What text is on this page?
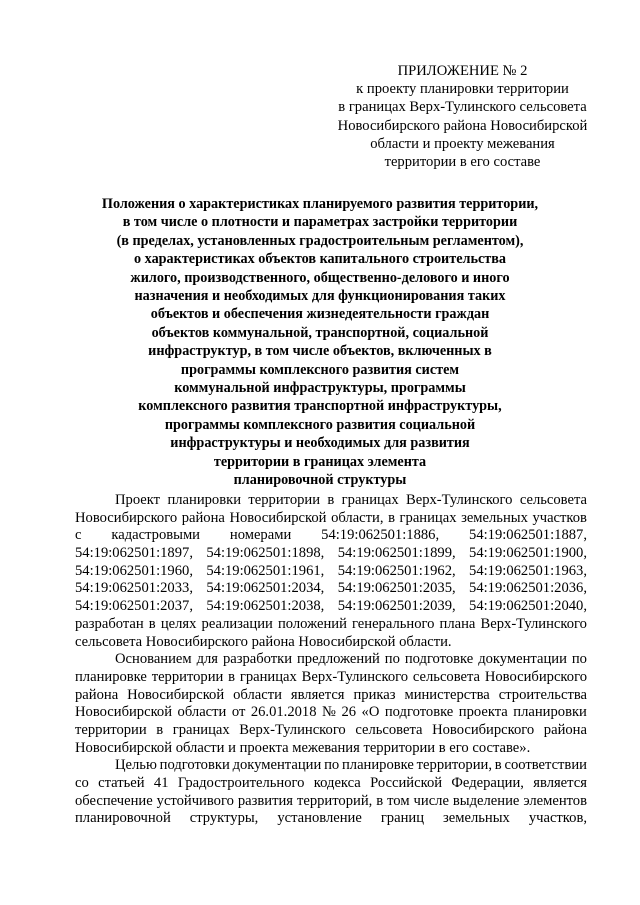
ПРИЛОЖЕНИЕ № 2
к проекту планировки территории
в границах Верх-Тулинского сельсовета
Новосибирского района Новосибирской
области и проекту межевания
территории в его составе
Положения о характеристиках планируемого развития территории,
в том числе о плотности и параметрах застройки территории
(в пределах, установленных градостроительным регламентом),
о характеристиках объектов капитального строительства
жилого, производственного, общественно-делового и иного
назначения и необходимых для функционирования таких
объектов и обеспечения жизнедеятельности граждан
объектов коммунальной, транспортной, социальной
инфраструктур, в том числе объектов, включенных в
программы комплексного развития систем
коммунальной инфраструктуры, программы
комплексного развития транспортной инфраструктуры,
программы комплексного развития социальной
инфраструктуры и необходимых для развития
территории в границах элемента
планировочной структуры
Проект планировки территории в границах Верх-Тулинского сельсовета
Новосибирского района Новосибирской области, в границах земельных участков
с кадастровыми номерами 54:19:062501:1886, 54:19:062501:1887,
54:19:062501:1897, 54:19:062501:1898, 54:19:062501:1899, 54:19:062501:1900,
54:19:062501:1960, 54:19:062501:1961, 54:19:062501:1962, 54:19:062501:1963,
54:19:062501:2033, 54:19:062501:2034, 54:19:062501:2035, 54:19:062501:2036,
54:19:062501:2037, 54:19:062501:2038, 54:19:062501:2039, 54:19:062501:2040,
разработан в целях реализации положений генерального плана Верх-Тулинского
сельсовета Новосибирского района Новосибирской области.
Основанием для разработки предложений по подготовке документации по
планировке территории в границах Верх-Тулинского сельсовета Новосибирского
района Новосибирской области является приказ министерства строительства
Новосибирской области от 26.01.2018 № 26 «О подготовке проекта планировки
территории в границах Верх-Тулинского сельсовета Новосибирского района
Новосибирской области и проекта межевания территории в его составе».
Целью подготовки документации по планировке территории, в соответствии
со статьей 41 Градостроительного кодекса Российской Федерации, является
обеспечение устойчивого развития территорий, в том числе выделение элементов
планировочной структуры, установление границ земельных участков,
